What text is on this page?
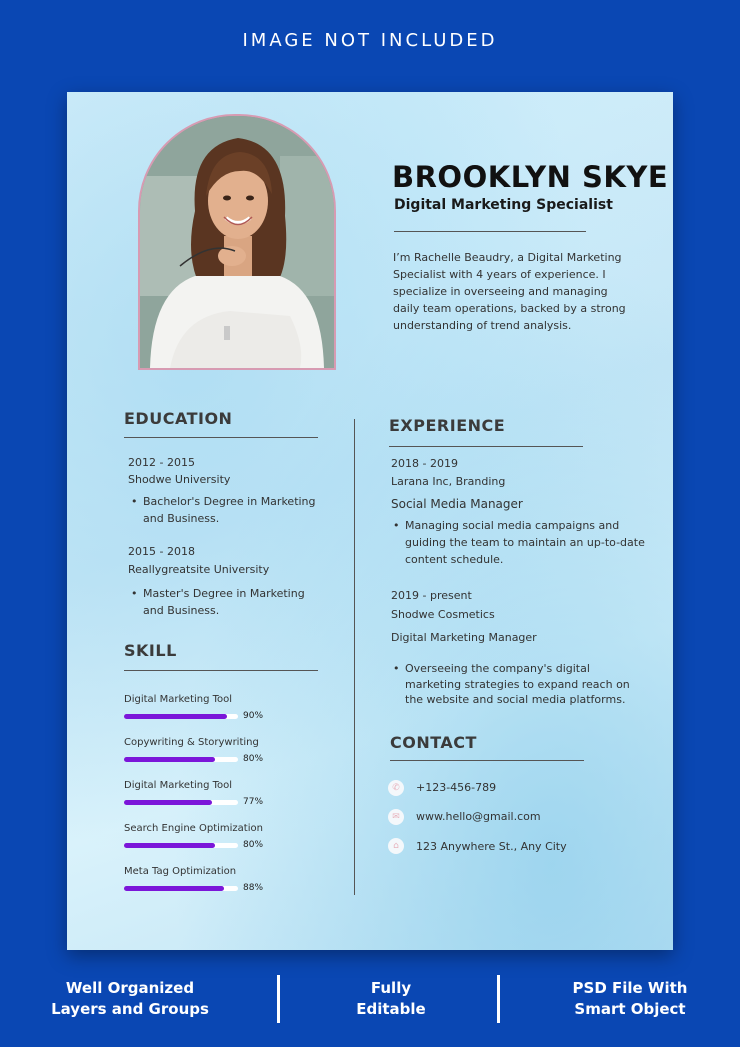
IMAGE NOT INCLUDED
BROOKLYN SKYE
Digital Marketing Specialist
I’m Rachelle Beaudry, a Digital Marketing Specialist with 4 years of experience. I specialize in overseeing and managing daily team operations, backed by a strong understanding of trend analysis.
EDUCATION
2012 - 2015
Shodwe University
• Bachelor's Degree in Marketing and Business.
2015 - 2018
Reallygreatsite University
• Master's Degree in Marketing and Business.
SKILL
Digital Marketing Tool
90%
Copywriting & Storywriting
80%
Digital Marketing Tool
77%
Search Engine Optimization
80%
Meta Tag Optimization
88%
EXPERIENCE
2018 - 2019
Larana Inc, Branding
Social Media Manager
• Managing social media campaigns and guiding the team to maintain an up-to-date content schedule.
2019 - present
Shodwe Cosmetics
Digital Marketing Manager
• Overseeing the company's digital marketing strategies to expand reach on the website and social media platforms.
CONTACT
✆	+123-456-789
✉	www.hello@gmail.com
⌂	123 Anywhere St., Any City
Well Organized Layers and Groups
Fully Editable
PSD File With Smart Object
